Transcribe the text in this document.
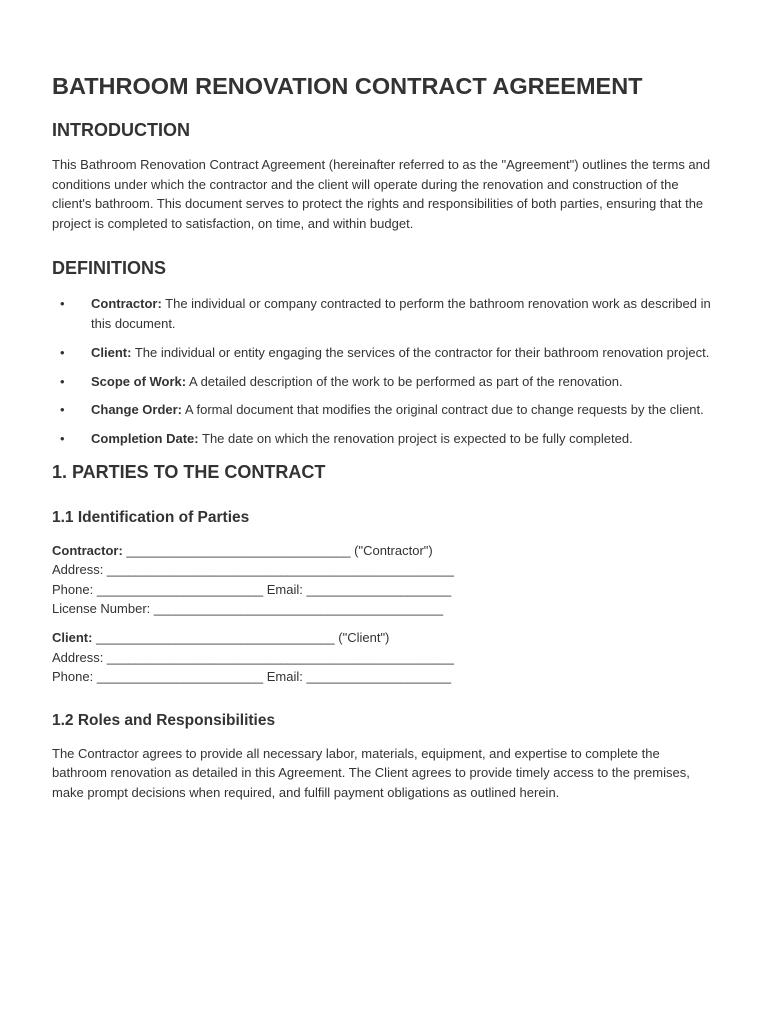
BATHROOM RENOVATION CONTRACT AGREEMENT
INTRODUCTION

This Bathroom Renovation Contract Agreement (hereinafter referred to as the "Agreement") outlines the terms and conditions under which the contractor and the client will operate during the renovation and construction of the client's bathroom. This document serves to protect the rights and responsibilities of both parties, ensuring that the project is completed to satisfaction, on time, and within budget.

DEFINITIONS
• Contractor: The individual or company contracted to perform the bathroom renovation work as described in this document.
• Client: The individual or entity engaging the services of the contractor for their bathroom renovation project.
• Scope of Work: A detailed description of the work to be performed as part of the renovation.
• Change Order: A formal document that modifies the original contract due to change requests by the client.
• Completion Date: The date on which the renovation project is expected to be fully completed.
1. PARTIES TO THE CONTRACT
1.1 Identification of Parties
Contractor: _______________________________ ("Contractor")
Address: ________________________________________________
Phone: _______________________ Email: ____________________
License Number: ________________________________________
Client: _________________________________ ("Client")
Address: ________________________________________________
Phone: _______________________ Email: ____________________
1.2 Roles and Responsibilities

The Contractor agrees to provide all necessary labor, materials, equipment, and expertise to complete the bathroom renovation as detailed in this Agreement. The Client agrees to provide timely access to the premises, make prompt decisions when required, and fulfill payment obligations as outlined herein.
